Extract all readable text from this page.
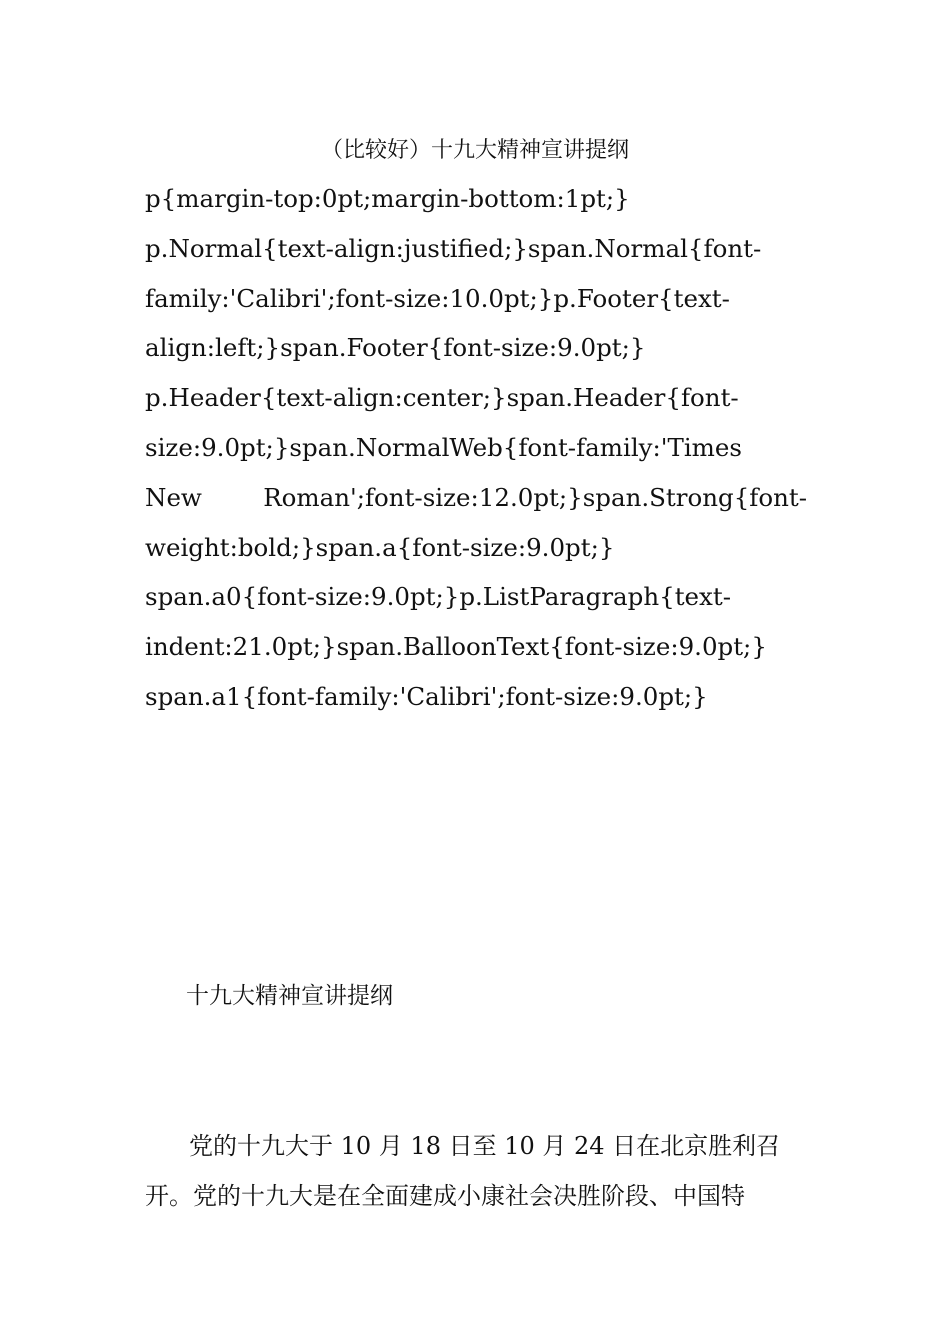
（比较好）十九大精神宣讲提纲
p{margin-top:0pt;margin-bottom:1pt;}
p.Normal{text-align:justified;}span.Normal{font-
family:'Calibri';font-size:10.0pt;}p.Footer{text-
align:left;}span.Footer{font-size:9.0pt;}
p.Header{text-align:center;}span.Header{font-
size:9.0pt;}span.NormalWeb{font-family:'Times
New	Roman';font-size:12.0pt;}span.Strong{font-
weight:bold;}span.a{font-size:9.0pt;}
span.a0{font-size:9.0pt;}p.ListParagraph{text-
indent:21.0pt;}span.BalloonText{font-size:9.0pt;}
span.a1{font-family:'Calibri';font-size:9.0pt;}
十九大精神宣讲提纲
党的十九大于 10 月 18 日至 10 月 24 日在北京胜利召
开。党的十九大是在全面建成小康社会决胜阶段、中国特
